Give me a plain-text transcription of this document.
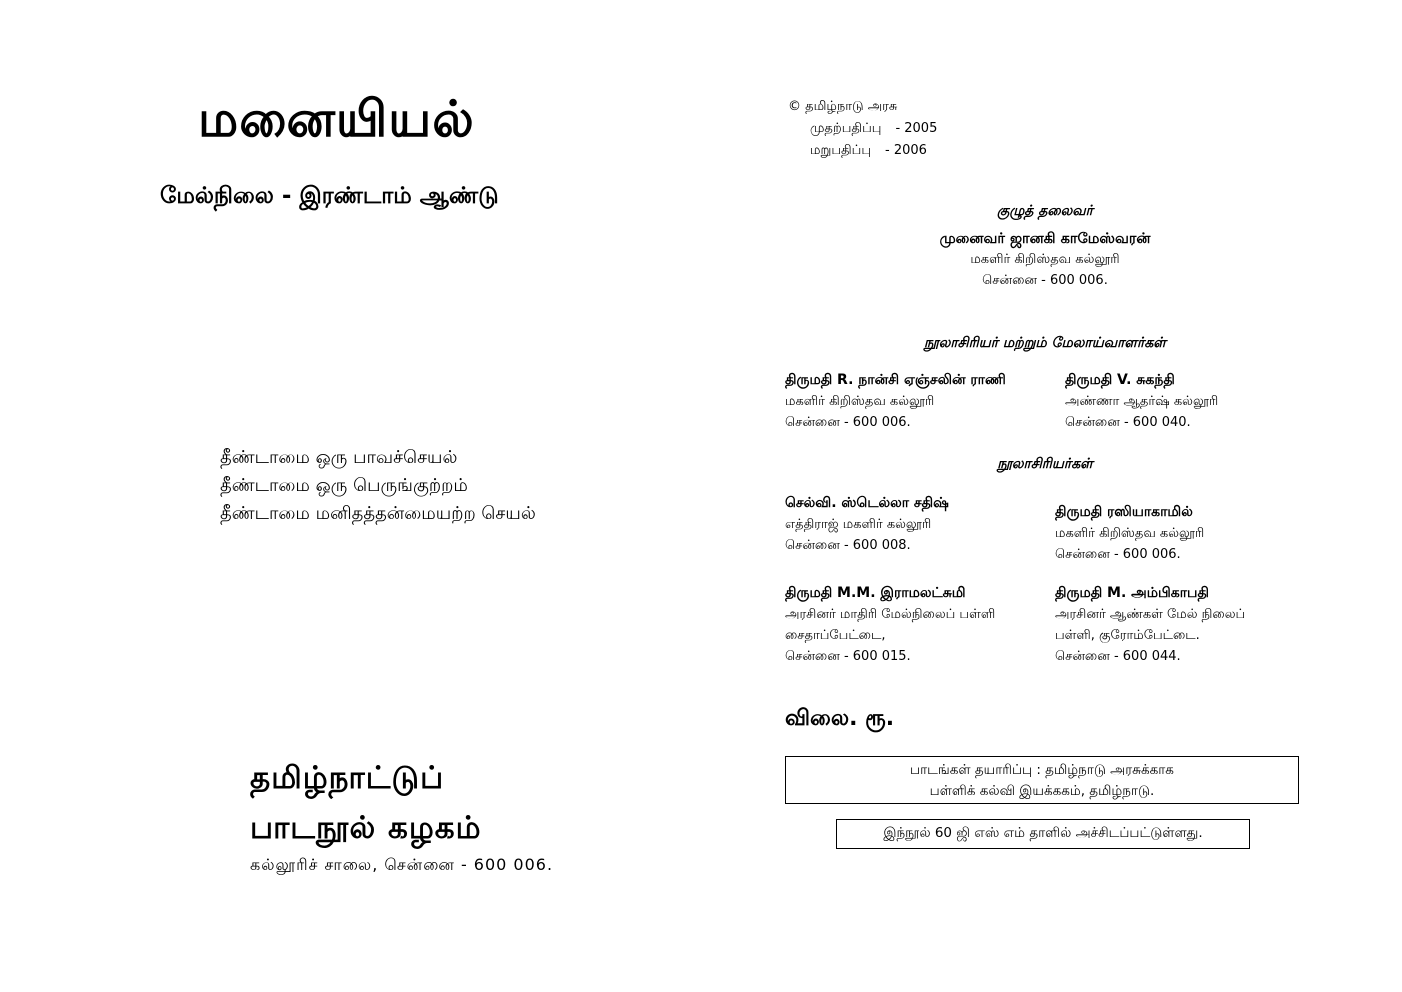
மனையியல்
மேல்நிலை - இரண்டாம் ஆண்டு
தீண்டாமை ஒரு பாவச்செயல்
தீண்டாமை ஒரு பெருங்குற்றம்
தீண்டாமை மனிதத்தன்மையற்ற செயல்
தமிழ்நாட்டுப்
பாடநூல் கழகம்
கல்லூரிச் சாலை, சென்னை - 600 006.
© தமிழ்நாடு அரசு
முதற்பதிப்பு - 2005
மறுபதிப்பு - 2006
குழுத் தலைவர்
முனைவர் ஜானகி காமேஸ்வரன்
மகளிர் கிறிஸ்தவ கல்லூரி
சென்னை - 600 006.
நூலாசிரியர் மற்றும் மேலாய்வாளர்கள்
திருமதி R. நான்சி ஏஞ்சலின் ராணி
மகளிர் கிறிஸ்தவ கல்லூரி
சென்னை - 600 006.
திருமதி V. சுகந்தி
அண்ணா ஆதர்ஷ் கல்லூரி
சென்னை - 600 040.
நூலாசிரியர்கள்
செல்வி. ஸ்டெல்லா சதிஷ்
எத்திராஜ் மகளிர் கல்லூரி
சென்னை - 600 008.
திருமதி ரஸியாகாமில்
மகளிர் கிறிஸ்தவ கல்லூரி
சென்னை - 600 006.
திருமதி M.M. இராமலட்சுமி
அரசினர் மாதிரி மேல்நிலைப் பள்ளி
சைதாப்பேட்டை,
சென்னை - 600 015.
திருமதி M. அம்பிகாபதி
அரசினர் ஆண்கள் மேல் நிலைப்
பள்ளி, குரோம்பேட்டை.
சென்னை - 600 044.
விலை. ரூ.
பாடங்கள் தயாரிப்பு : தமிழ்நாடு அரசுக்காக
பள்ளிக் கல்வி இயக்ககம், தமிழ்நாடு.
இந்நூல் 60 ஜி எஸ் எம் தாளில் அச்சிடப்பட்டுள்ளது.
